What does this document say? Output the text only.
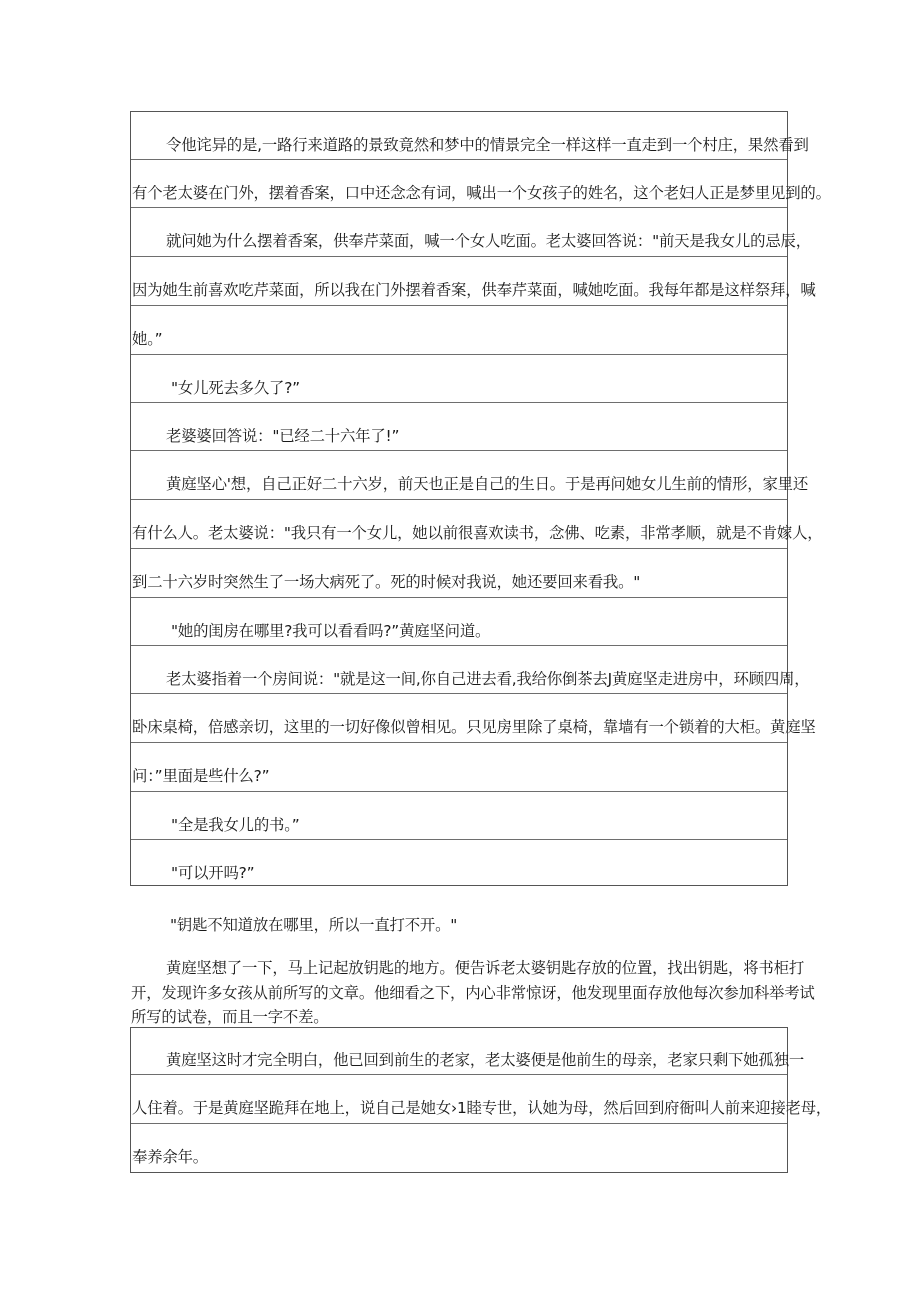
令他诧异的是,一路行来道路的景致竟然和梦中的情景完全一样这样一直走到一个村庄，果然看到

有个老太婆在门外，摆着香案，口中还念念有词，喊出一个女孩子的姓名，这个老妇人正是梦里见到的。

就问她为什么摆着香案，供奉芹菜面，喊一个女人吃面。老太婆回答说："前天是我女儿的忌辰，

因为她生前喜欢吃芹菜面，所以我在门外摆着香案，供奉芹菜面，喊她吃面。我每年都是这样祭拜，喊

她。”

"女儿死去多久了?”

老婆婆回答说："已经二十六年了!”

黄庭坚心'想，自己正好二十六岁，前天也正是自己的生日。于是再问她女儿生前的情形，家里还

有什么人。老太婆说："我只有一个女儿，她以前很喜欢读书，念佛、吃素，非常孝顺，就是不肯嫁人，

到二十六岁时突然生了一场大病死了。死的时候对我说，她还要回来看我。"

"她的闺房在哪里?我可以看看吗?”黄庭坚问道。

老太婆指着一个房间说："就是这一间,你自己进去看,我给你倒茶去J黄庭坚走进房中，环顾四周，

卧床桌椅，倍感亲切，这里的一切好像似曾相见。只见房里除了桌椅，靠墙有一个锁着的大柜。黄庭坚

问：”里面是些什么?”

"全是我女儿的书。”

"可以开吗?”

"钥匙不知道放在哪里，所以一直打不开。"

黄庭坚想了一下，马上记起放钥匙的地方。便告诉老太婆钥匙存放的位置，找出钥匙，将书柜打

开，发现许多女孩从前所写的文章。他细看之下，内心非常惊讶，他发现里面存放他每次参加科举考试

所写的试卷，而且一字不差。

黄庭坚这时才完全明白，他已回到前生的老家，老太婆便是他前生的母亲，老家只剩下她孤独一

人住着。于是黄庭坚跪拜在地上，说自己是她女›1睦专世，认她为母，然后回到府衙叫人前来迎接老母，

奉养余年。
